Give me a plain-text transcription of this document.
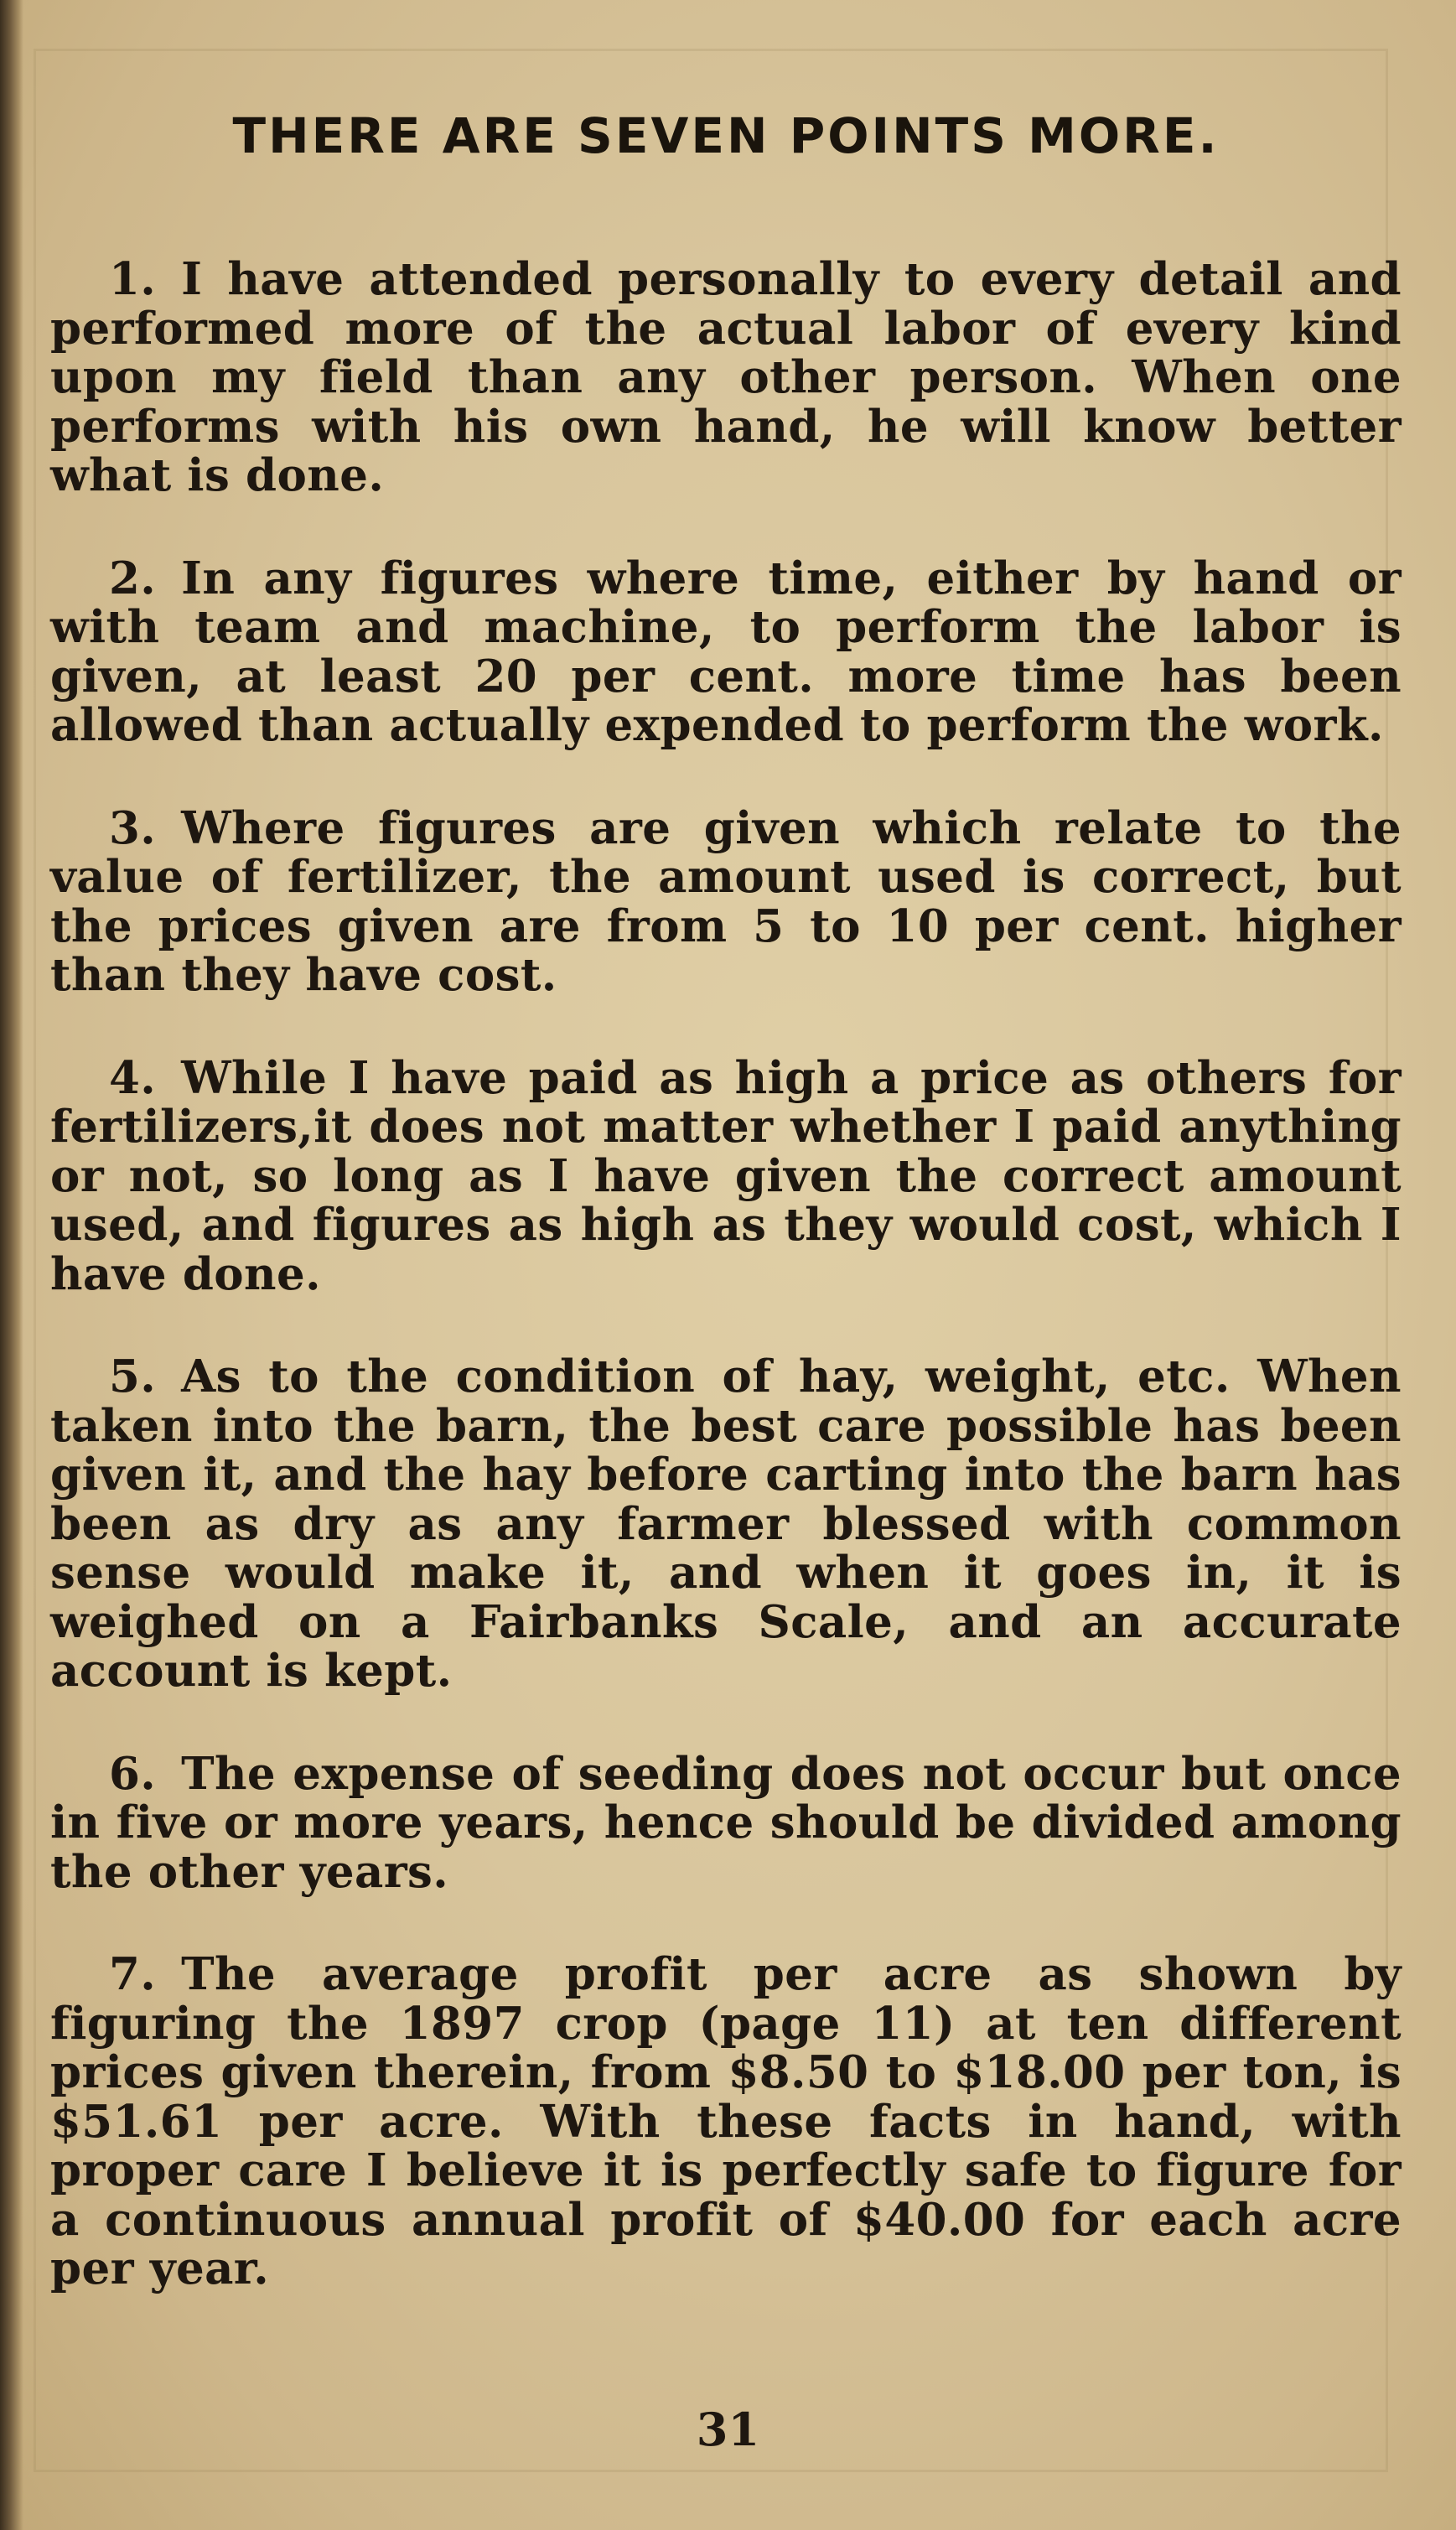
THERE ARE SEVEN POINTS MORE.

1. I have attended personally to every detail and performed more of the actual labor of every kind upon my field than any other person. When one performs with his own hand, he will know better what is done.

2. In any figures where time, either by hand or with team and machine, to perform the labor is given, at least 20 per cent. more time has been allowed than actually expended to perform the work.

3. Where figures are given which relate to the value of fertilizer, the amount used is correct, but the prices given are from 5 to 10 per cent. higher than they have cost.

4. While I have paid as high a price as others for fertilizers,it does not matter whether I paid anything or not, so long as I have given the correct amount used, and figures as high as they would cost, which I have done.

5. As to the condition of hay, weight, etc. When taken into the barn, the best care possible has been given it, and the hay before carting into the barn has been as dry as any farmer blessed with common sense would make it, and when it goes in, it is weighed on a Fairbanks Scale, and an accurate account is kept.

6. The expense of seeding does not occur but once in five or more years, hence should be divided among the other years.

7. The average profit per acre as shown by figuring the 1897 crop (page 11) at ten different prices given therein, from $8.50 to $18.00 per ton, is $51.61 per acre. With these facts in hand, with proper care I believe it is perfectly safe to figure for a continuous annual profit of $40.00 for each acre per year.

31
